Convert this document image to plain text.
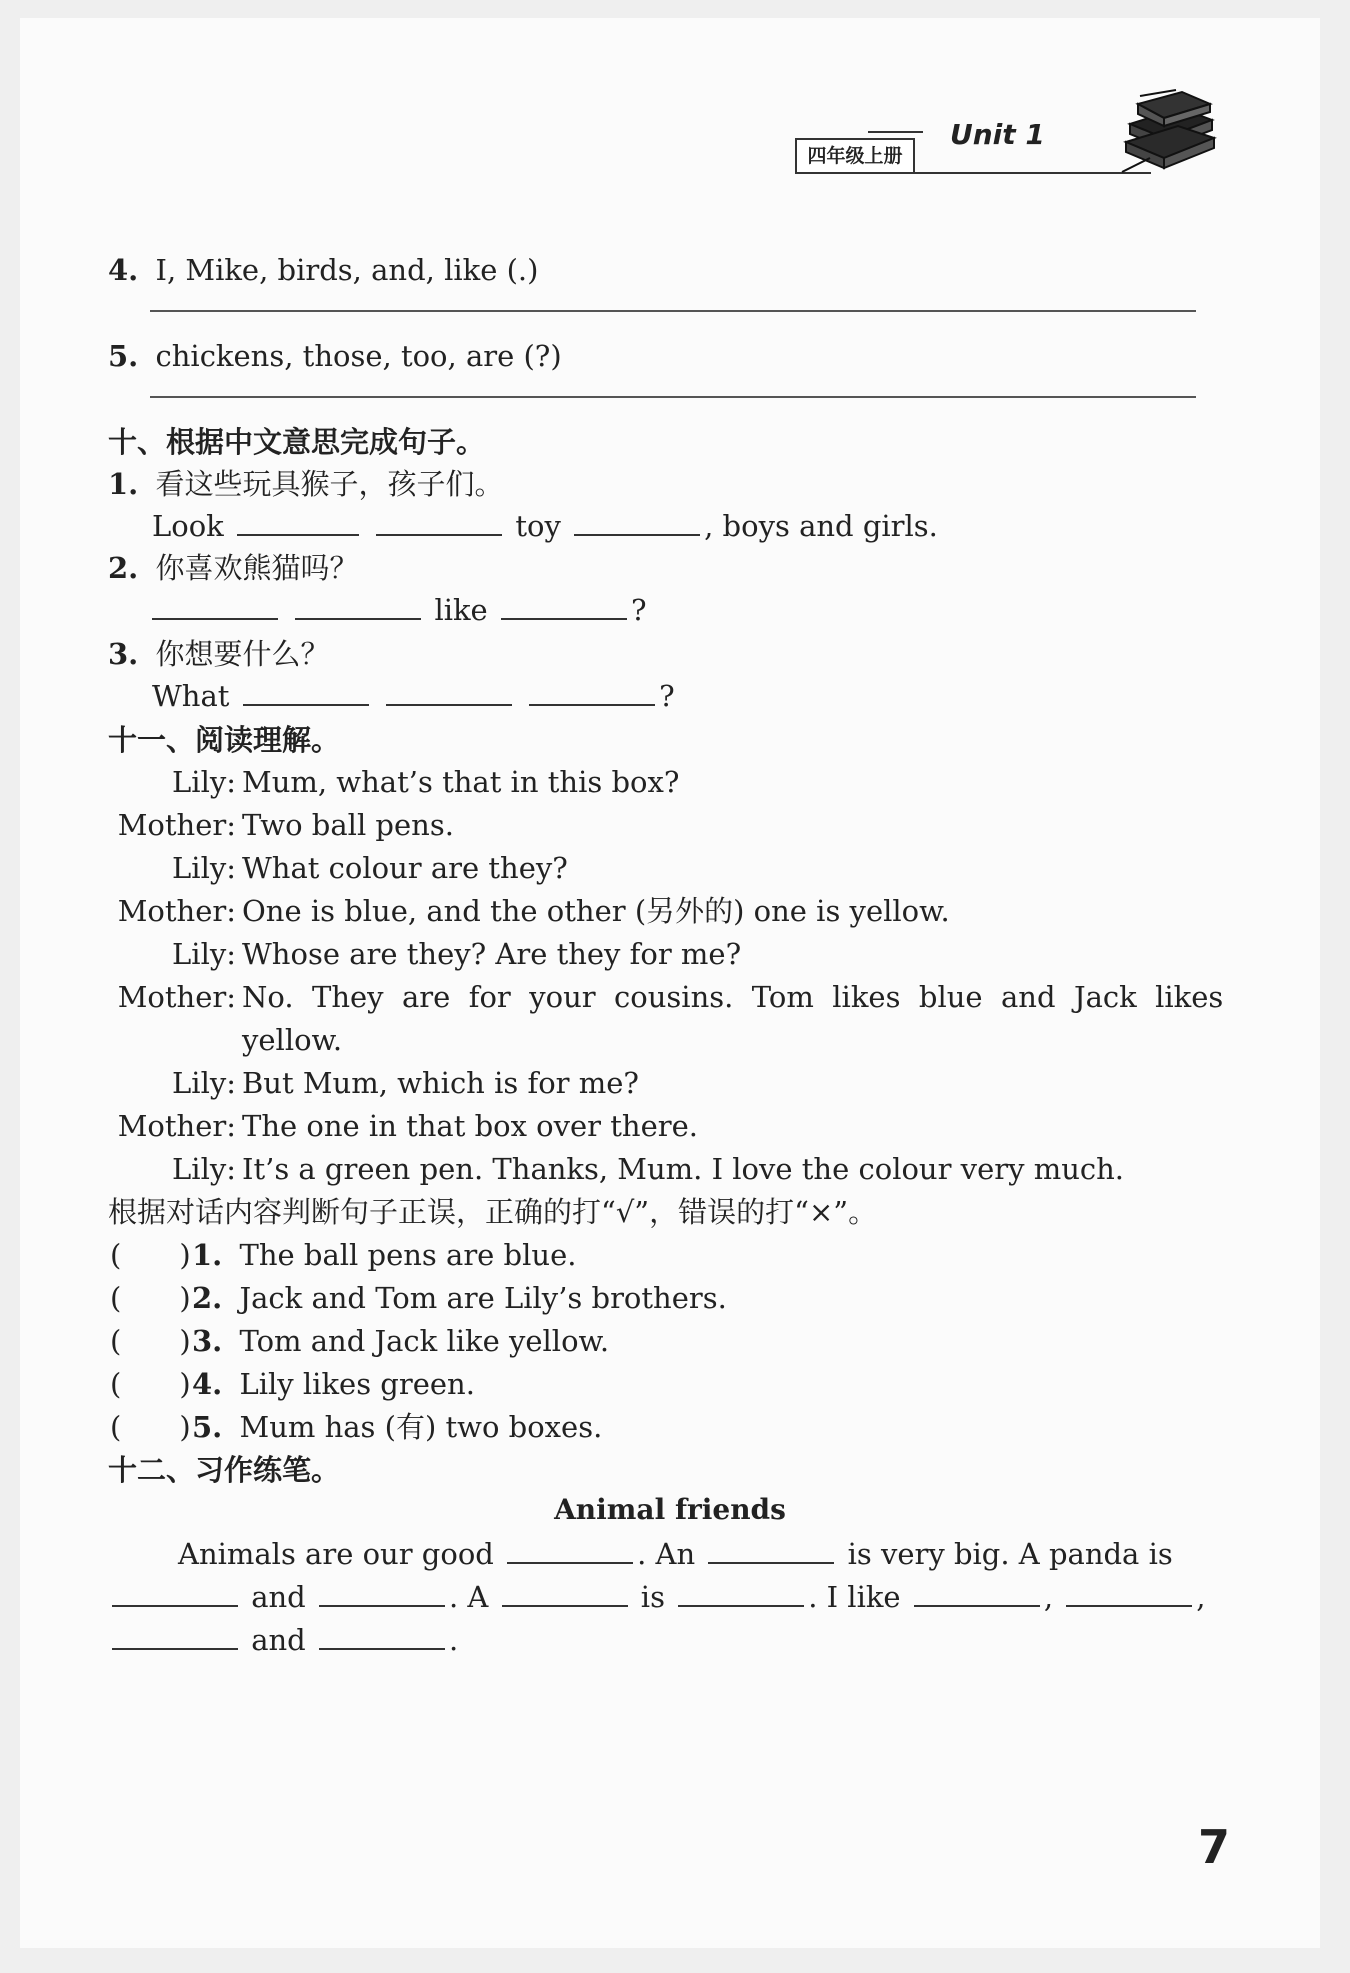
四年级上册
Unit 1
4. I, Mike, birds, and, like (.)
5. chickens, those, too, are (?)
十、根据中文意思完成句子。
1. 看这些玩具猴子，孩子们。
Look	toy	, boys and girls.
2. 你喜欢熊猫吗？
like	?
3. 你想要什么？
What	?
十一、阅读理解。
Lily: Mum, what’s that in this box?
Mother: Two ball pens.
Lily: What colour are they?
Mother: One is blue, and the other (另外的) one is yellow.
Lily: Whose are they? Are they for me?
Mother: No.  They  are  for  your  cousins.  Tom  likes  blue  and  Jack  likes
yellow.
Lily: But Mum, which is for me?
Mother: The one in that box over there.
Lily: It’s a green pen. Thanks, Mum. I love the colour very much.
根据对话内容判断句子正误，正确的打“√”，错误的打“×”。
( )1. The ball pens are blue.
( )2. Jack and Tom are Lily’s brothers.
( )3. Tom and Jack like yellow.
( )4. Lily likes green.
( )5. Mum has (有) two boxes.
十二、习作练笔。
Animal friends
Animals are our good	. An	is very big. A panda is
and	. A	is	. I like	,	,
and	.
7
